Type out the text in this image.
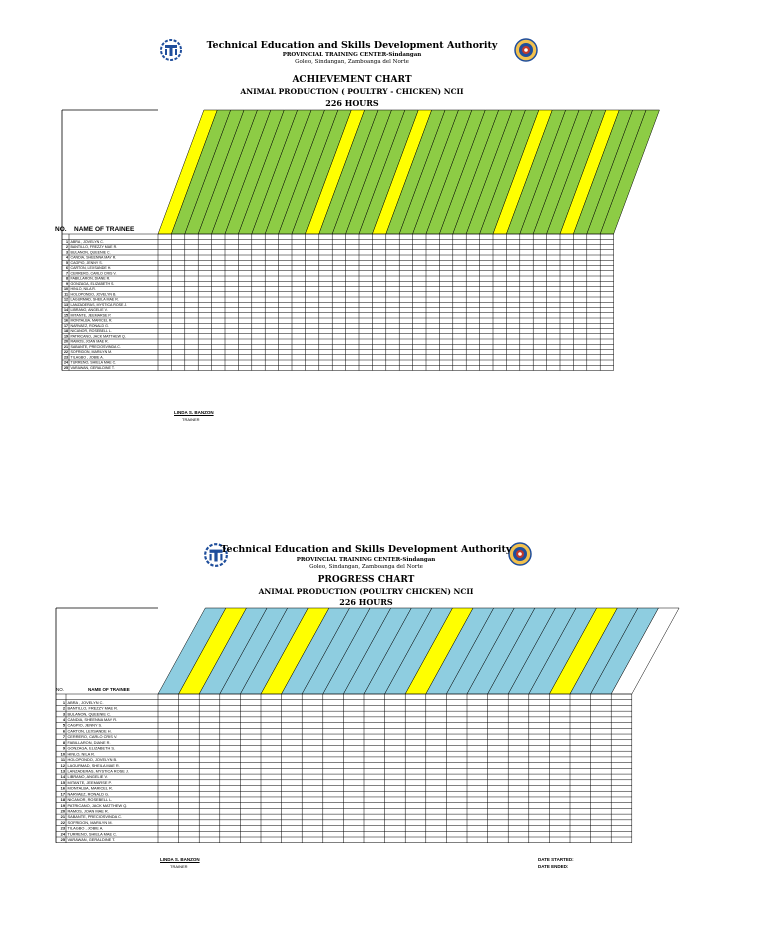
Technical Education and Skills Development Authority
PROVINCIAL TRAINING CENTER-Sindangan
Goleo, Sindangan, Zamboanga del Norte
ACHIEVEMENT CHART
ANIMAL PRODUCTION ( POULTRY - CHICKEN) NCII
226 HOURS
1 ABRA , JOVELYN C.
2 BANTILLO, FREZZY MAE R.
3 BULANON, QUEENIE C.
4 CANDIA, SHEENNA MAY R.
5 CAGPIO, JENNY S.
6 CARTON, LEXSANDE H.
7 CERRERO, CARLO CRIS V.
8 FABILLARON, DIANE R.
9 GONZAGA, ELIZABETH S.
10 HINLO, NILA R.
11 HOLOPONDO, JOVELYN B.
12 LAGURMAD, SHEILA MAE R.
13 LANZADERAS, MYSTICA ROSE J.
14 LIBRANO, ANGELIE V.
15 MITANTE, JEEMARSE P.
16 MONTALBA, MARICEL R.
17 NARVAEZ, RONALD G.
18 NICANOR, ROSEBELL L.
19 PATRICANO, JACK MATTHEW Q.
20 RAMOS, JOAN MAE R.
21 SABANTE, PRECIOSVINDA C.
22 SOFRIDON, MARILYN M.
23 TILAGBO , JOBIE A.
24 TURRENO, SHIELA MAE C.
25 VARAWAN, GERALDINE T.
NO. NAME OF TRAINEE
LINDA S. BANZON
TRAINER
Technical Education and Skills Development Authority
PROVINCIAL TRAINING CENTER-Sindangan
Goleo, Sindangan, Zamboanga del Norte
PROGRESS CHART
ANIMAL PRODUCTION (POULTRY CHICKEN) NCII
226 HOURS
1 ABRA , JOVELYN C.
2 BANTILLO, FREZZY MAE R.
3 BULANON, QUEENIE C.
4 CANDIA, SHEENNA MAY R.
5 CAGPIO, JENNY S.
6 CARTON, LEXSANDE H.
7 CERRERO, CARLO CRIS V.
8 FABILLARON, DIANE R.
9 GONZAGA, ELIZABETH S.
10 HINLO, NILA R.
11 HOLOPONDO, JOVELYN B.
12 LAGURMAD, SHEILA MAE R.
13 LANZADERAS, MYSTICA ROSE J.
14 LIBRANO, ANGELIE V.
15 MITANTE, JEEMARSE P.
16 MONTALBA, MARICEL R.
17 NARVAEZ, RONALD G.
18 NICANOR, ROSEBELL L.
19 PATRICANO, JACK MATTHEW Q.
20 RAMOS, JOAN MAE R.
21 SABANTE, PRECIOSVINDA C.
22 SOFRIDON, MARILYN M.
23 TILAGBO , JOBIE A.
24 TURRENO, SHIELA MAE C.
25 VARAWAN, GERALDINE T.
NO.	NAME OF TRAINEE
LINDA S. BANZON
TRAINER
DATE STARTED:
DATE ENDED:
